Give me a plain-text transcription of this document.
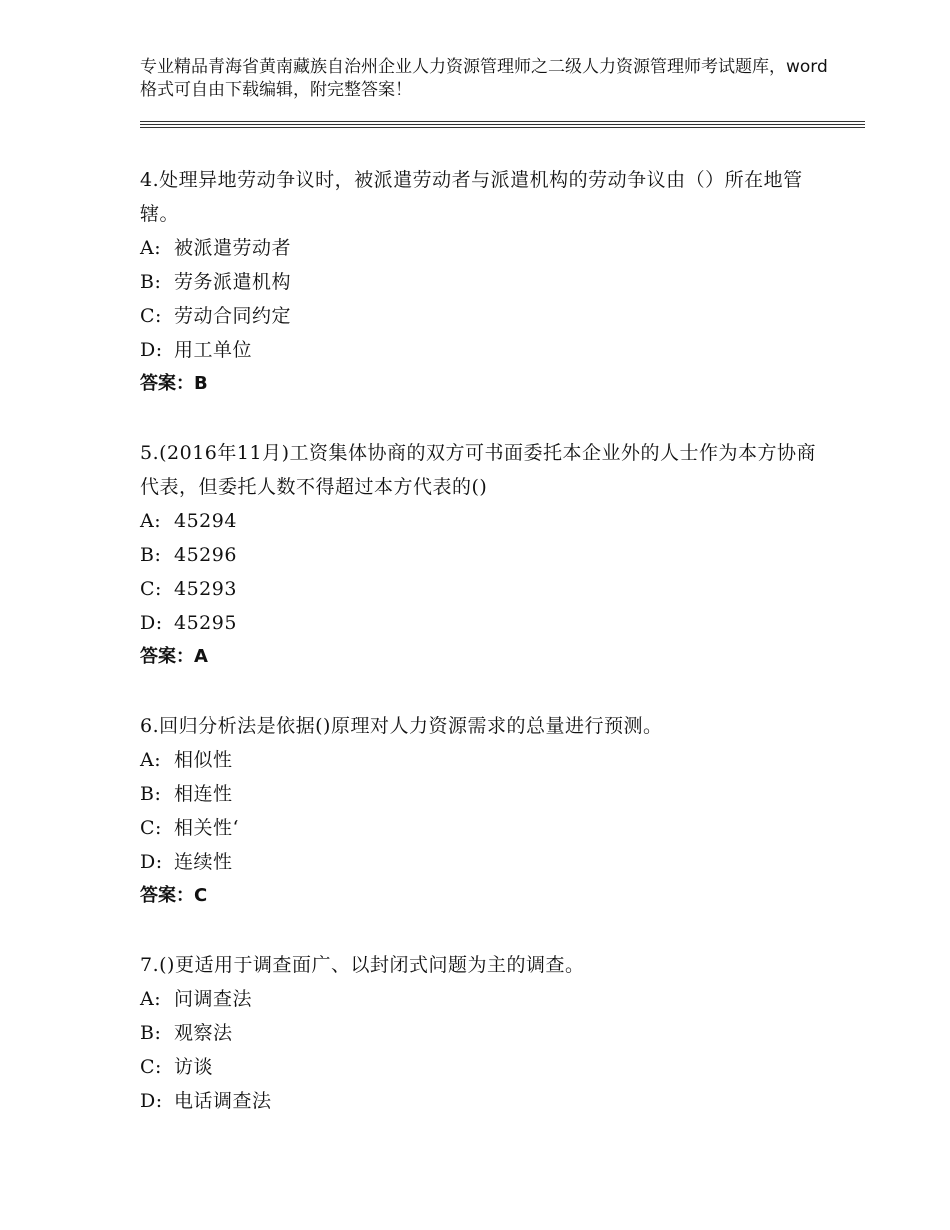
专业精品青海省黄南藏族自治州企业人力资源管理师之二级人力资源管理师考试题库，word格式可自由下载编辑，附完整答案！
4.处理异地劳动争议时，被派遣劳动者与派遣机构的劳动争议由（）所在地管辖。
A: 被派遣劳动者
B: 劳务派遣机构
C: 劳动合同约定
D: 用工单位
答案：B
5.(2016年11月)工资集体协商的双方可书面委托本企业外的人士作为本方协商代表，但委托人数不得超过本方代表的()
A: 45294
B: 45296
C: 45293
D: 45295
答案：A
6.回归分析法是依据()原理对人力资源需求的总量进行预测。
A: 相似性
B: 相连性
C: 相关性‘
D: 连续性
答案：C
7.()更适用于调查面广、以封闭式问题为主的调查。
A: 问调查法
B: 观察法
C: 访谈
D: 电话调查法
